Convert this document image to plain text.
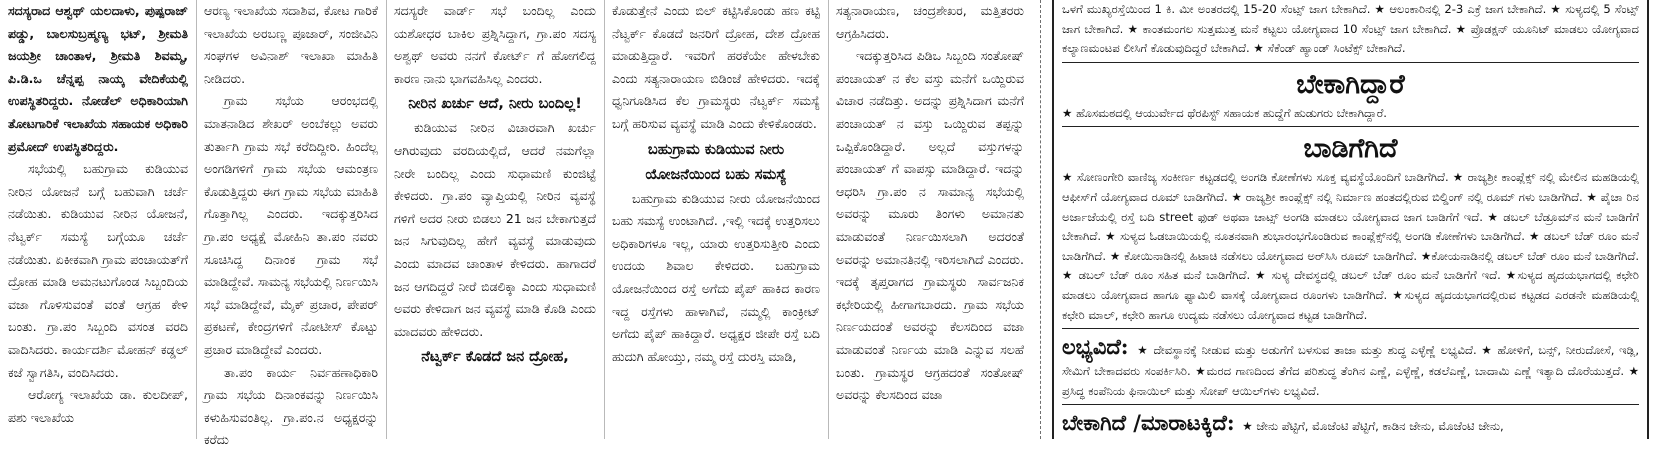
ಸದಸ್ಯರಾದ ಆಶ್ವಥ್ ಯಲದಾಳು, ಪುಷ್ಪರಾಜ್ ಪಡ್ಡು, ಬಾಲಸುಬ್ರಹ್ಮಣ್ಯ ಭಟ್, ಶ್ರೀಮತಿ ಜಯಶ್ರೀ ಚಾಂತಾಳ, ಶ್ರೀಮತಿ ಶಿವಮ್ಮ, ಪಿ.ಡಿ.ಒ ಚೆನ್ನಪ್ಪ ನಾಯ್ಕ ವೇದಿಕೆಯಲ್ಲಿ ಉಪಸ್ಥಿತರಿದ್ದರು. ನೋಡೆಲ್ ಅಧಿಕಾರಿಯಾಗಿ ತೋಟಗಾರಿಕೆ ಇಲಾಖೆಯ ಸಹಾಯಕ ಅಧಿಕಾರಿ ಪ್ರಮೋದ್ ಉಪಸ್ಥಿತರಿದ್ದರು.

ಸಭೆಯಲ್ಲಿ ಬಹುಗ್ರಾಮ ಕುಡಿಯುವ ನೀರಿನ ಯೋಜನೆ ಬಗ್ಗೆ ಬಹುವಾಗಿ ಚರ್ಚೆ ನಡೆಯಿತು. ಕುಡಿಯುವ ನೀರಿನ ಯೋಜನೆ, ನೆಟ್ವರ್ಕ್ ಸಮಸ್ಯೆ ಬಗ್ಗೆಯೂ ಚರ್ಚೆ ನಡೆಯಿತು. ಏಕೀಕವಾಗಿ ಗ್ರಾಮ ಪಂಚಾಯತ್‌ಗೆ ದ್ರೋಹ ಮಾಡಿ ಅಮನಟುಗೊಂಡ ಸಿಬ್ಬಂದಿಯ ವಜಾ ಗೊಳಿಸುವಂತೆ ವಂತೆ ಆಗ್ರಹ ಕೇಳಿ ಬಂತು. ಗ್ರಾ.ಪಂ ಸಿಬ್ಬಂದಿ ವಸಂತ ವರದಿ ವಾದಿಸಿದರು. ಕಾರ್ಯದರ್ಶಿ ಮೋಹನ್ ಕಡ್ಡಲ್ ಕಜೆ ಸ್ವಾಗತಿಸಿ, ವಂದಿಸಿದರು.

ಆರೋಗ್ಯ ಇಲಾಖೆಯ ಡಾ. ಕುಲದೀಪ್, ಪಶು ಇಲಾಖೆಯ

ಆರಣ್ಯ ಇಲಾಖೆಯ ಸದಾಶಿವ, ಕೋಟ ಗಾರಿಕೆ ಇಲಾಖೆಯ ಅರಬಣ್ಣ ಪೂಜಾರ್, ಸಂಜೀವಿನಿ ಸಂಘಗಳ ಅವಿನಾಶ್ ಇಲಾಖಾ ಮಾಹಿತಿ ನೀಡಿದರು.

ಗ್ರಾಮ ಸಭೆಯ ಆರಂಭದಲ್ಲಿ ಮಾತನಾಡಿದ ಶೇಖರ್ ಅಂಬೆಕಲ್ಲು ಅವರು ತುರ್ತಾಗಿ ಗ್ರಾಮ ಸಭೆ ಕರೆದಿದ್ದೀರಿ. ಹಿಂದೆಲ್ಲ ಅಂಗಡಿಗಳಿಗೆ ಗ್ರಾಮ ಸಭೆಯ ಆಮಂತ್ರಣ ಕೊಡುತ್ತಿದ್ದರು ಈಗ ಗ್ರಾಮ ಸಭೆಯ ಮಾಹಿತಿ ಗೊತ್ತಾಗಿಲ್ಲ ಎಂದರು. ಇದಕ್ಕುತ್ತರಿಸಿದ ಗ್ರಾ.ಪಂ ಅಧ್ಯಕ್ಷೆ ಮೋಹಿನಿ ತಾ.ಪಂ ನವರು ಸೂಚಿಸಿದ್ದ ದಿನಾಂಕ ಗ್ರಾಮ ಸಭೆ ಮಾಡಿದ್ದೇವೆ. ಸಾಮನ್ಯ ಸಭೆಯಲ್ಲಿ ನಿರ್ಣಯಿಸಿ ಸಭೆ ಮಾಡಿದ್ದೇವೆ, ಮೈಕ್ ಪ್ರಚಾರ, ಪೇಪರ್ ಪ್ರಕಟಣೆ, ಕೇಂದ್ರಗಳಿಗೆ ನೋಟೀಸ್ ಕೊಟ್ಟು ಪ್ರಚಾರ ಮಾಡಿದ್ದೇವೆ ಎಂದರು.

ತಾ.ಪಂ ಕಾರ್ಯ ನಿರ್ವಹಣಾಧಿಕಾರಿ ಗ್ರಾಮ ಸಭೆಯ ದಿನಾಂಕವನ್ನು ನಿರ್ಣಯಿಸಿ ಕಳುಹಿಸುವಂತಿಲ್ಲ. ಗ್ರಾ.ಪಂ.ನ ಅಧ್ಯಕ್ಷರನ್ನು ಕರೆದು

ಸದಸ್ಯರೇ ವಾರ್ಡ್ ಸಭೆ ಬಂದಿಲ್ಲ ಎಂದು ಯಶೋಧರ ಬಾಕಿಲ ಪ್ರಶ್ನಿಸಿದ್ದಾಗ, ಗ್ರಾ.ಪಂ ಸದಸ್ಯ ಅಶ್ವಥ್ ಅವರು ನನಗೆ ಕೋರ್ಟ್ ಗೆ ಹೋಗಲಿದ್ದ ಕಾರಣ ನಾನು ಭಾಗವಹಿಸಿಲ್ಲ ಎಂದರು.

ನೀರಿನ ಖರ್ಚು ಆದೆ, ನೀರು ಬಂದಿಲ್ಲ!

ಕುಡಿಯುವ ನೀರಿನ ವಿಚಾರವಾಗಿ ಖರ್ಚು ಆಗಿರುವುದು ವರದಿಯಲ್ಲಿದೆ, ಆದರೆ ನಮಗೆಲ್ಲಾ ನೀರೇ ಬಂದಿಲ್ಲ ಎಂದು ಸುಧಾಮಣಿ ಕುಂಜಿಟ್ಟೆ ಕೇಳಿದರು. ಗ್ರಾ.ಪಂ ವ್ಯಾಪ್ತಿಯಲ್ಲಿ ನೀರಿನ ವ್ಯವಸ್ಥೆ ಗಳಿಗೆ ಅದರ ನೀರು ಬಿಡಲು 21 ಜನ ಬೇಕಾಗುತ್ತದೆ ಜನ ಸಿಗುವುದಿಲ್ಲ ಹೇಗೆ ವ್ಯವಸ್ಥೆ ಮಾಡುವುದು ಎಂದು ಮಾದವ ಚಾಂತಾಳ ಕೇಳಿದರು. ಹಾಗಾದರೆ ಜನ ಆಗದಿದ್ದರೆ ನೀರೆ ಬಿಡಲಿಕ್ಕಾ ಎಂದು ಸುಧಾಮಣಿ ಅವರು ಕೇಳಿದಾಗ ಜನ ವ್ಯವಸ್ಥೆ ಮಾಡಿ ಕೊಡಿ ಎಂದು ಮಾದವರು ಹೇಳಿದರು.

ನೆಟ್ವರ್ಕ್ ಕೊಡದೆ ಜನ ದ್ರೋಹ,

ಕೊಡುತ್ತೇನೆ ಎಂದು ಬಿಲ್ ಕಟ್ಟಿಸಿಕೊಂಡು ಹಣ ಕಟ್ಟಿ ನೆಟ್ವರ್ಕ್ ಕೊಡದೆ ಜನರಿಗೆ ದ್ರೋಹ, ದೇಶ ದ್ರೋಹ ಮಾಡುತ್ತಿದ್ದಾರೆ. ಇವರಿಗೆ ಹರಕೆಯೇ ಹೇಳಬೇಕು ಎಂದು ಸತ್ಯನಾರಾಯಣ ಬಿಡಿಂಜೆ ಹೇಳಿದರು. ಇದಕ್ಕೆ ಧ್ವನಿಗೂಡಿಸಿದ ಕೆಲ ಗ್ರಾಮಸ್ಥರು ನೆಟ್ವರ್ಕ್ ಸಮಸ್ಯೆ ಬಗ್ಗೆ ಹರಿಸುವ ವ್ಯವಸ್ಥೆ ಮಾಡಿ ಎಂದು ಕೇಳಿಕೊಂಡರು.

ಬಹುಗ್ರಾಮ ಕುಡಿಯುವ ನೀರು ಯೋಜನೆಯಿಂದ ಬಹು ಸಮಸ್ಯೆ

ಬಹುಗ್ರಾಮ ಕುಡಿಯುವ ನೀರು ಯೋಜನೆಯಿಂದ ಬಹು ಸಮಸ್ಯೆ ಉಂಟಾಗಿದೆ. ,ಇಲ್ಲಿ ಇದಕ್ಕೆ ಉತ್ತರಿಸಲು ಅಧಿಕಾರಿಗಳೂ ಇಲ್ಲ, ಯಾರು ಉತ್ತರಿಸುತ್ತೀರಿ ಎಂದು ಉದಯ ಶಿವಾಲ ಕೇಳಿದರು. ಬಹುಗ್ರಾಮ ಯೋಜನೆಯಿಂದ ರಸ್ತೆ ಅಗೆದು ಪೈಪ್ ಹಾಕಿದ ಕಾರಣ ಇದ್ದ ರಸ್ತೆಗಳು ಹಾಳಾಗಿವೆ, ನಮ್ಮಲ್ಲಿ ಕಾಂಕ್ರೀಟ್ ಅಗೆದು ಪೈಪ್ ಹಾಕಿದ್ದಾರೆ. ಅಧ್ಯಕ್ಷರ ಜೀಪೇ ರಸ್ತೆ ಬದಿ ಹುದುಗಿ ಹೋಯ್ತು, ನಮ್ಮ ರಸ್ತೆ ದುರಸ್ತಿ ಮಾಡಿ,

ಸತ್ಯನಾರಾಯಣ, ಚಂದ್ರಶೇಖರ, ಮತ್ತಿತರರು ಆಗ್ರಹಿಸಿದರು.

ಇದಕ್ಕುತ್ತರಿಸಿದ ಪಿಡಿಒ ಸಿಬ್ಬಂದಿ ಸಂತೋಷ್ ಪಂಚಾಯತ್ ನ ಕೆಲ ವಸ್ತು ಮನೆಗೆ ಒಯ್ದಿರುವ ವಿಚಾರ ನಡೆದಿತ್ತು. ಅದನ್ನು ಪ್ರಶ್ನಿಸಿದಾಗ ಮನೆಗೆ ಪಂಚಾಯತ್ ನ ವಸ್ತು ಒಯ್ದಿರುವ ತಪ್ಪನ್ನು ಒಪ್ಪಿಕೊಂಡಿದ್ದಾರೆ. ಅಲ್ಲದೆ ವಸ್ತುಗಳನ್ನು ಪಂಚಾಯತ್ ಗೆ ವಾಪಸ್ಸು ಮಾಡಿದ್ದಾರೆ. ಇದನ್ನು ಆಧರಿಸಿ ಗ್ರಾ.ಪಂ ನ ಸಾಮಾನ್ಯ ಸಭೆಯಲ್ಲಿ ಅವರನ್ನು ಮೂರು ತಿಂಗಳು ಅಮಾನತು ಮಾಡುವಂತೆ ನಿರ್ಣಯಿಸಲಾಗಿ ಅದರಂತೆ ಅವರನ್ನು ಅಮಾನತಿನಲ್ಲಿ ಇರಿಸಲಾಗಿದೆ ಎಂದರು. ಇದಕ್ಕೆ ತೃಪ್ತರಾಗದ ಗ್ರಾಮಸ್ಥರು ಸಾರ್ವಜನಿಕ ಕಛೇರಿಯಲ್ಲಿ ಹೀಗಾಗಬಾರದು. ಗ್ರಾಮ ಸಭೆಯ ನಿರ್ಣಯದಂತೆ ಅವರನ್ನು ಕೆಲಸದಿಂದ ವಜಾ ಮಾಡುವಂತೆ ನಿರ್ಣಯ ಮಾಡಿ ಎನ್ನುವ ಸಲಹೆ ಬಂತು. ಗ್ರಾಮಸ್ಥರ ಆಗ್ರಹದಂತೆ ಸಂತೋಷ್ ಅವರನ್ನು ಕೆಲಸದಿಂದ ವಜಾ

ಒಳಗೆ ಮುಖ್ಯರಸ್ತೆಯಿಂದ 1 ಕಿ. ಮೀ ಅಂತರದಲ್ಲಿ 15-20 ಸೆಂಟ್ಸ್ ಜಾಗ ಬೇಕಾಗಿದೆ. ★ ಆಲಂಕಾರಿನಲ್ಲಿ 2-3 ಎಕ್ರೆ ಜಾಗ ಬೇಕಾಗಿದೆ. ★ ಸುಳ್ಯದಲ್ಲಿ 5 ಸೆಂಟ್ಸ್ ಜಾಗ ಬೇಕಾಗಿದೆ. ★ ಕಾಂತಮಂಗಲ ಸುತ್ತಮುತ್ತ ಮನೆ ಕಟ್ಟಲು ಯೋಗ್ಯವಾದ 10 ಸೆಂಟ್ಸ್ ಜಾಗ ಬೇಕಾಗಿದೆ. ★ ಪ್ರೊಡಕ್ಷನ್ ಯೂನಿಟ್ ಮಾಡಲು ಯೋಗ್ಯವಾದ ಕಲ್ಯಾಣಮಂಟಪ ಲೀಸಿಗೆ ಕೊಡುವುದಿದ್ದರೆ ಬೇಕಾಗಿದೆ. ★ ಸೆಕೆಂಡ್ ಹ್ಯಾಂಡ್ ಸಿಂಟೆಕ್ಸ್ ಬೇಕಾಗಿದೆ.

ಬೇಕಾಗಿದ್ದಾರೆ

★ ಹೊಸಮಠದಲ್ಲಿ ಆಯುರ್ವೇದ ಥೆರಪಿಸ್ಟ್ ಸಹಾಯಕ ಹುದ್ದೆಗೆ ಹುಡುಗರು ಬೇಕಾಗಿದ್ದಾರೆ.

ಬಾಡಿಗೆಗಿದೆ

★ ಸೋಣಂಗೇರಿ ವಾಣಿಜ್ಯ ಸಂಕೀರ್ಣ ಕಟ್ಟಡದಲ್ಲಿ ಅಂಗಡಿ ಕೋಣೆಗಳು ಸೂಕ್ತ ವ್ಯವಸ್ಥೆಯೊಂದಿಗೆ ಬಾಡಿಗೆಗಿದೆ. ★ ರಾಜ್ಯಶ್ರೀ ಕಾಂಪ್ಲೆಕ್ಸ್ ನಲ್ಲಿ ಮೇಲಿನ ಮಹಡಿಯಲ್ಲಿ ಆಫೀಸ್‌ಗೆ ಯೋಗ್ಯವಾದ ರೂಮ್ ಬಾಡಿಗೆಗಿದೆ. ★ ರಾಜ್ಯಶ್ರೀ ಕಾಂಪ್ಲೆಕ್ಸ್ ನಲ್ಲಿ ನಿರ್ಮಾಣ ಹಂತದಲ್ಲಿರುವ ಬಿಲ್ಡಿಂಗ್ ನಲ್ಲಿ ರೂಮ್ ಗಳು ಬಾಡಿಗೆಗಿದೆ. ★ ಪೈಚಾ ರಿನ ಅರ್ಜಾಜೆಯಲ್ಲಿ ರಸ್ತೆ ಬದಿ street ಫುಡ್ ಅಥವಾ ಚಾಟ್ಸ್ ಅಂಗಡಿ ಮಾಡಲು ಯೋಗ್ಯವಾದ ಜಾಗ ಬಾಡಿಗೆಗೆ ಇದೆ. ★ ಡಬಲ್ ಬೆಡ್ರೂಮ್‌ನ ಮನೆ ಬಾಡಿಗೆಗೆ ಬೇಕಾಗಿದೆ. ★ ಸುಳ್ಯದ ಓಡಬಾಯಿಯಲ್ಲಿ ನೂತನವಾಗಿ ಶುಭಾರಂಭಗೊಂಡಿರುವ ಕಾಂಪ್ಲೆಕ್ಸ್‌ನಲ್ಲಿ ಅಂಗಡಿ ಕೋಣೆಗಳು ಬಾಡಿಗೆಗಿದೆ. ★ ಡಬಲ್ ಬೆಡ್ ರೂಂ ಮನೆ ಬಾಡಿಗೆಗಿದೆ. ★ ಕೋಯಿನಾಡಿನಲ್ಲಿ ಹಿಟಾಚಿ ನಡೆಸಲು ಯೋಗ್ಯವಾದ ಅರ್‌ಸಿಸಿ ರೂಮ್ ಬಾಡಿಗೆಗಿದೆ. ★ಕೋಯನಾಡಿನಲ್ಲಿ ಡಬಲ್ ಬೆಡ್ ರೂಂ ಮನೆ ಬಾಡಿಗೆಗಿದೆ. ★ ಡಬಲ್ ಬೆಡ್ ರೂಂ ಸಹಿತ ಮನೆ ಬಾಡಿಗೆಗಿದೆ. ★ ಸುಳ್ಯ ದೇವಸ್ಥದಲ್ಲಿ ಡಬಲ್ ಬೆಡ್ ರೂಂ ಮನೆ ಬಾಡಿಗೆಗೆ ಇದೆ. ★ಸುಳ್ಯದ ಹೃದಯಭಾಗದಲ್ಲಿ ಕಛೇರಿ ಮಾಡಲು ಯೋಗ್ಯವಾದ ಹಾಗೂ ಫ್ಯಾಮಿಲಿ ವಾಸಕ್ಕೆ ಯೋಗ್ಯವಾದ ರೂಂಗಳು ಬಾಡಿಗೆಗಿದೆ. ★ಸುಳ್ಯದ ಹೃದಯಭಾಗದಲ್ಲಿರುವ ಕಟ್ಟಡದ ಎರಡನೇ ಮಹಡಿಯಲ್ಲಿ ಕಛೇರಿ ಮಾಲ್, ಕಛೇರಿ ಹಾಗೂ ಉದ್ಯಮ ನಡೆಸಲು ಯೋಗ್ಯವಾದ ಕಟ್ಟಡ ಬಾಡಿಗೆಗಿದೆ.

ಲಭ್ಯವಿದೆ: ★ ದೇವಸ್ಥಾನಕ್ಕೆ ನೀಡುವ ಮತ್ತು ಅಡುಗೆಗೆ ಬಳಸುವ ತಾಜಾ ಮತ್ತು ಶುದ್ಧ ಎಳ್ಳೆಣ್ಣೆ ಲಭ್ಯವಿದೆ. ★ ಹೋಳಿಗೆ, ಬನ್ಸ್, ನೀರುದೋಸೆ, ಇಡ್ಲಿ, ಸೇಮಿಗೆ ಬೇಕಾದವರು ಸಂಪರ್ಕಿಸಿರಿ. ★ಮರದ ಗಾಣದಿಂದ ತೆಗೆದ ಪರಿಶುದ್ಧ ತೆಂಗಿನ ಎಣ್ಣೆ, ಎಳ್ಳೆಣ್ಣೆ, ಕಡಲೆಎಣ್ಣೆ, ಬಾದಾಮಿ ಎಣ್ಣೆ ಇತ್ಯಾದಿ ದೊರೆಯುತ್ತದೆ. ★ ಪ್ರಸಿದ್ಧ ಕಂಪೆನಿಯ ಫಿನಾಯಿಲ್ ಮತ್ತು ಸೋಪ್ ಆಯಿಲ್‌ಗಳು ಲಭ್ಯವಿದೆ.

ಬೇಕಾಗಿದೆ /ಮಾರಾಟಕ್ಕಿದೆ: ★ ಜೇನು ಪೆಟ್ಟಿಗೆ, ಮೊಜೆಂಟಿ ಪೆಟ್ಟಿಗೆ, ಕಾಡಿನ ಜೇನು, ಮೊಜೆಂಟಿ ಜೇನು,
